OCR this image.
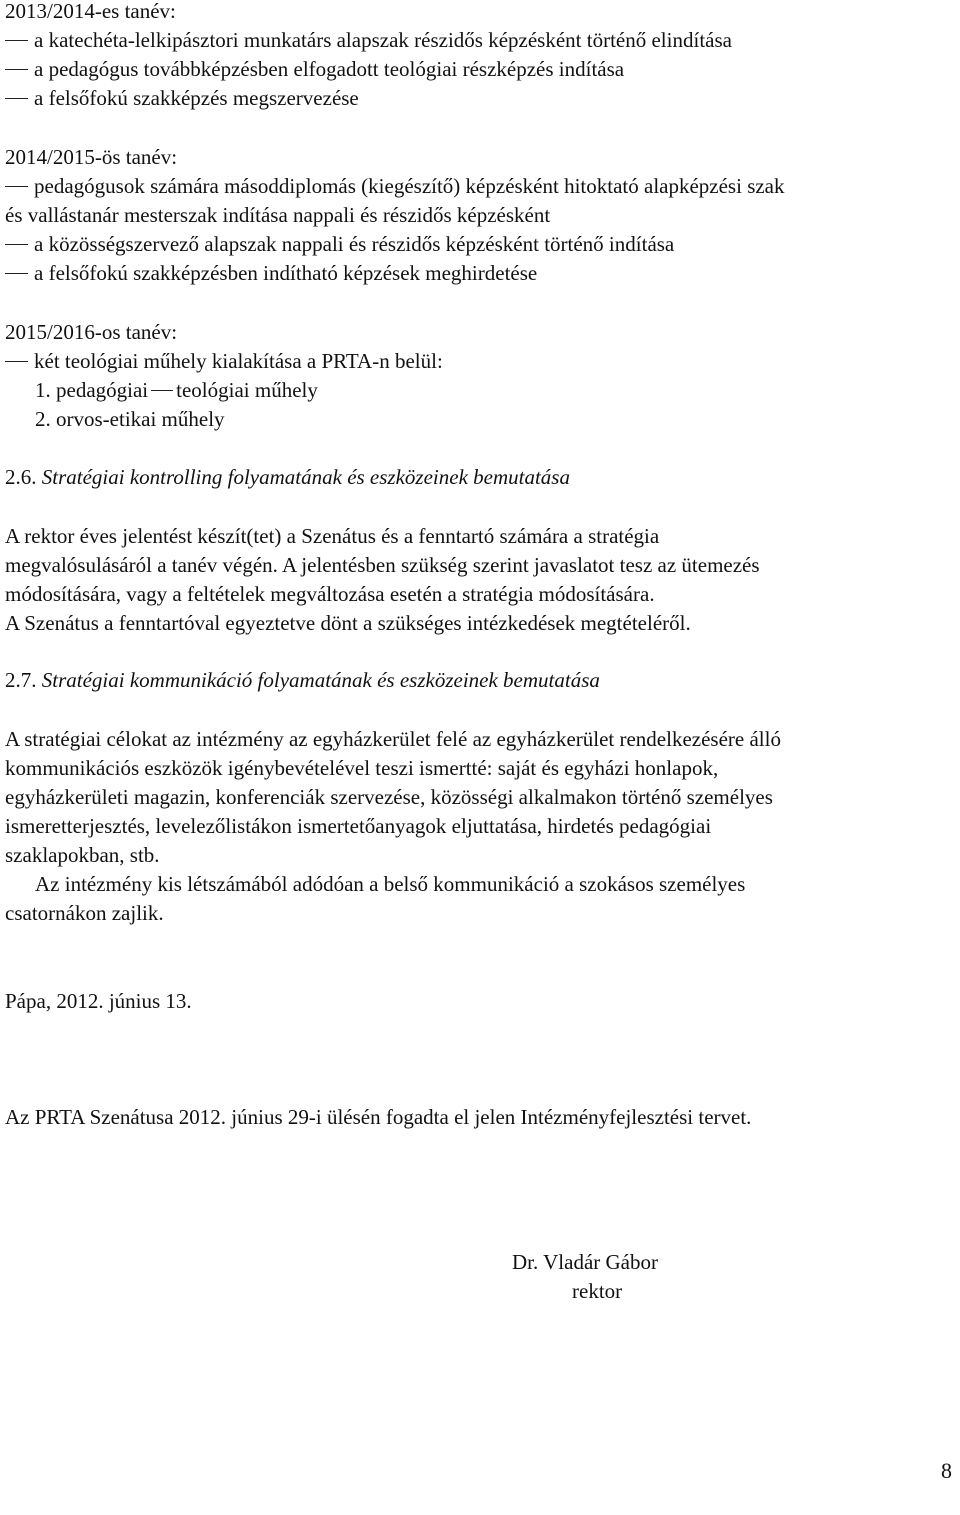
2013/2014-es tanév:
a katechéta-lelkipásztori munkatárs alapszak részidős képzésként történő elindítása
a pedagógus továbbképzésben elfogadott teológiai részképzés indítása
a felsőfokú szakképzés megszervezése
2014/2015-ös tanév:
pedagógusok számára másoddiplomás (kiegészítő) képzésként hitoktató alapképzési szak
és vallástanár mesterszak indítása nappali és részidős képzésként
a közösségszervező alapszak nappali és részidős képzésként történő indítása
a felsőfokú szakképzésben indítható képzések meghirdetése
2015/2016-os tanév:
két teológiai műhely kialakítása a PRTA-n belül:
1. pedagógiai teológiai műhely
2. orvos-etikai műhely
2.6. Stratégiai kontrolling folyamatának és eszközeinek bemutatása
A rektor éves jelentést készít(tet) a Szenátus és a fenntartó számára a stratégia
megvalósulásáról a tanév végén. A jelentésben szükség szerint javaslatot tesz az ütemezés
módosítására, vagy a feltételek megváltozása esetén a stratégia módosítására.
A Szenátus a fenntartóval egyeztetve dönt a szükséges intézkedések megtételéről.
2.7. Stratégiai kommunikáció folyamatának és eszközeinek bemutatása
A stratégiai célokat az intézmény az egyházkerület felé az egyházkerület rendelkezésére álló
kommunikációs eszközök igénybevételével teszi ismertté: saját és egyházi honlapok,
egyházkerületi magazin, konferenciák szervezése, közösségi alkalmakon történő személyes
ismeretterjesztés, levelezőlistákon ismertetőanyagok eljuttatása, hirdetés pedagógiai
szaklapokban, stb.
Az intézmény kis létszámából adódóan a belső kommunikáció a szokásos személyes
csatornákon zajlik.
Pápa, 2012. június 13.
Az PRTA Szenátusa 2012. június 29-i ülésén fogadta el jelen Intézményfejlesztési tervet.
Dr. Vladár Gábor
rektor
8
